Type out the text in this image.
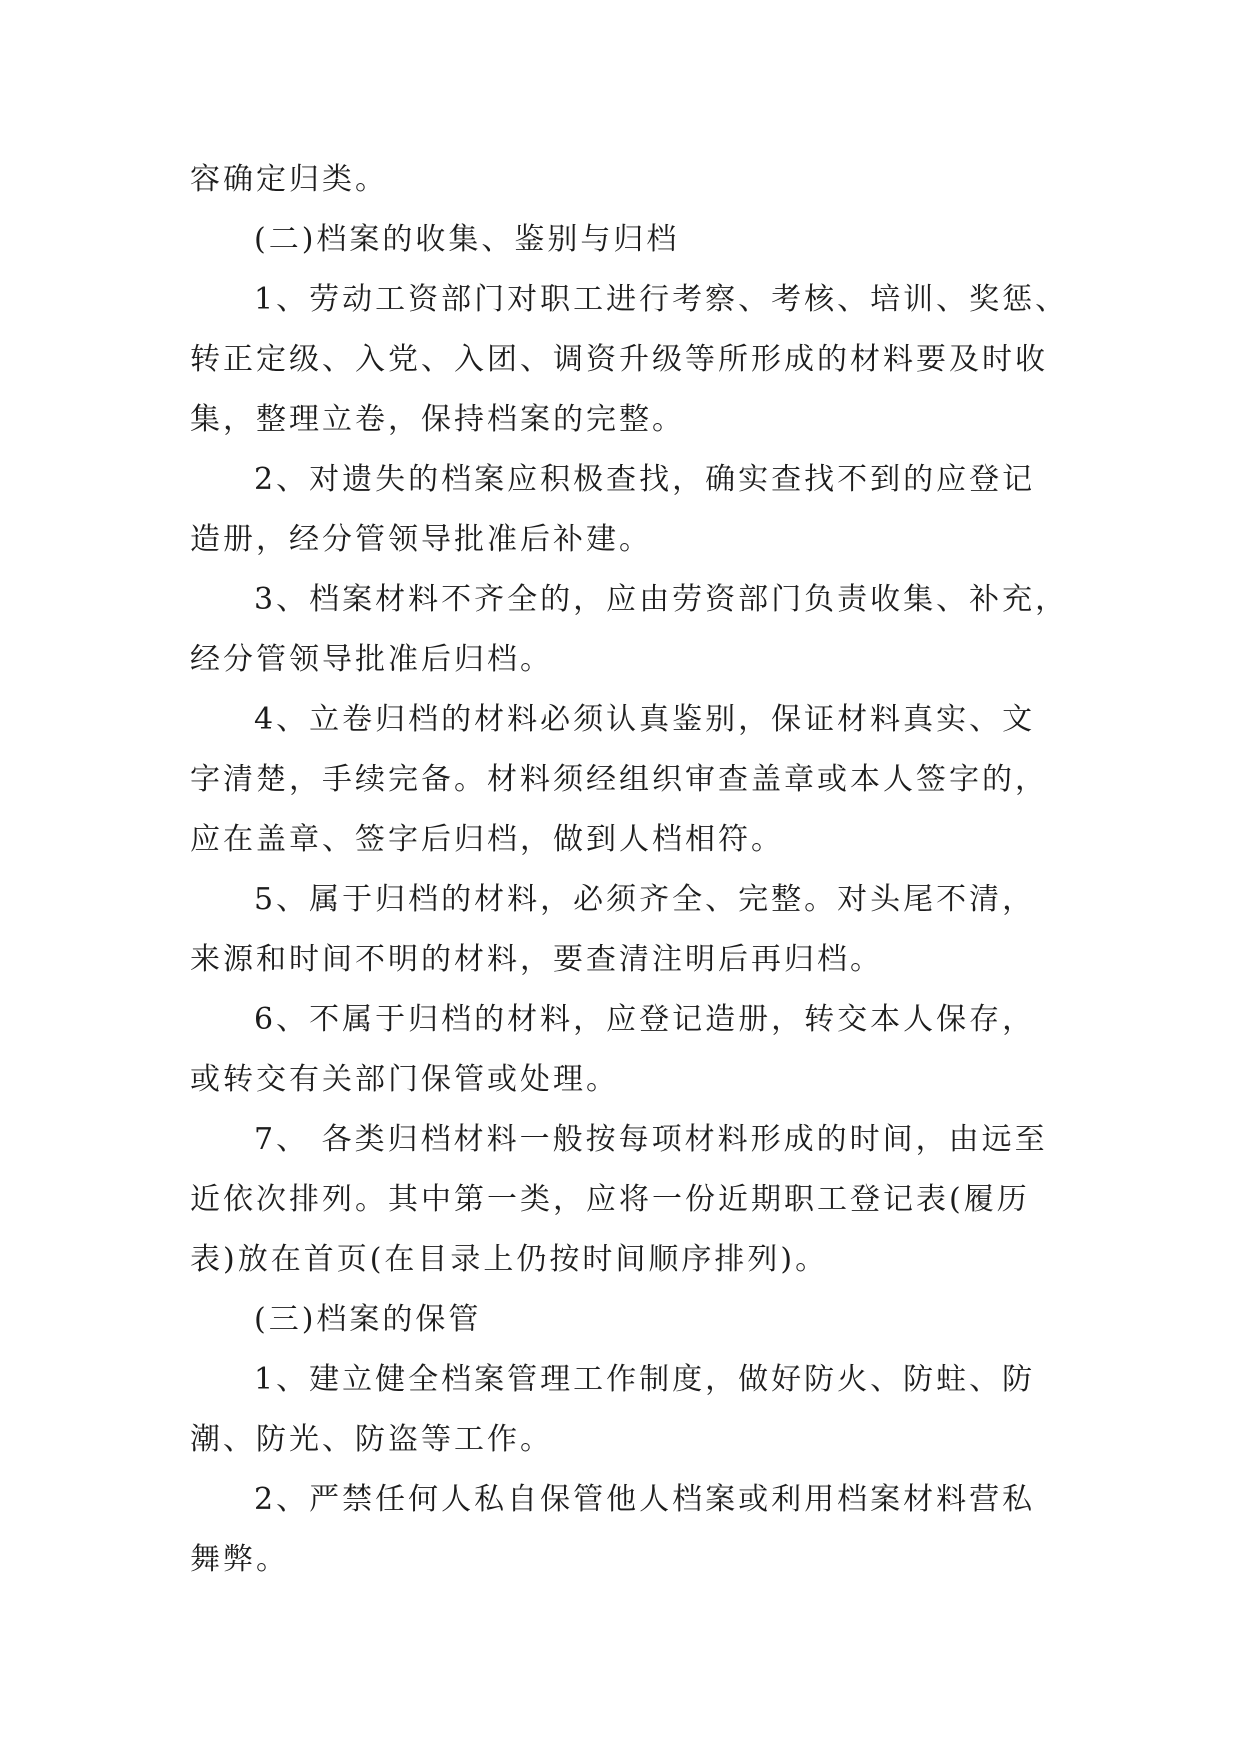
容确定归类。
(二)档案的收集、鉴别与归档
1、劳动工资部门对职工进行考察、考核、培训、奖惩、
转正定级、入党、入团、调资升级等所形成的材料要及时收
集，整理立卷，保持档案的完整。
2、对遗失的档案应积极查找，确实查找不到的应登记
造册，经分管领导批准后补建。
3、档案材料不齐全的，应由劳资部门负责收集、补充，
经分管领导批准后归档。
4、立卷归档的材料必须认真鉴别，保证材料真实、文
字清楚，手续完备。材料须经组织审查盖章或本人签字的，
应在盖章、签字后归档，做到人档相符。
5、属于归档的材料，必须齐全、完整。对头尾不清，
来源和时间不明的材料，要查清注明后再归档。
6、不属于归档的材料，应登记造册，转交本人保存，
或转交有关部门保管或处理。
7、 各类归档材料一般按每项材料形成的时间，由远至
近依次排列。其中第一类，应将一份近期职工登记表(履历
表)放在首页(在目录上仍按时间顺序排列)。
(三)档案的保管
1、建立健全档案管理工作制度，做好防火、防蛀、防
潮、防光、防盗等工作。
2、严禁任何人私自保管他人档案或利用档案材料营私
舞弊。
